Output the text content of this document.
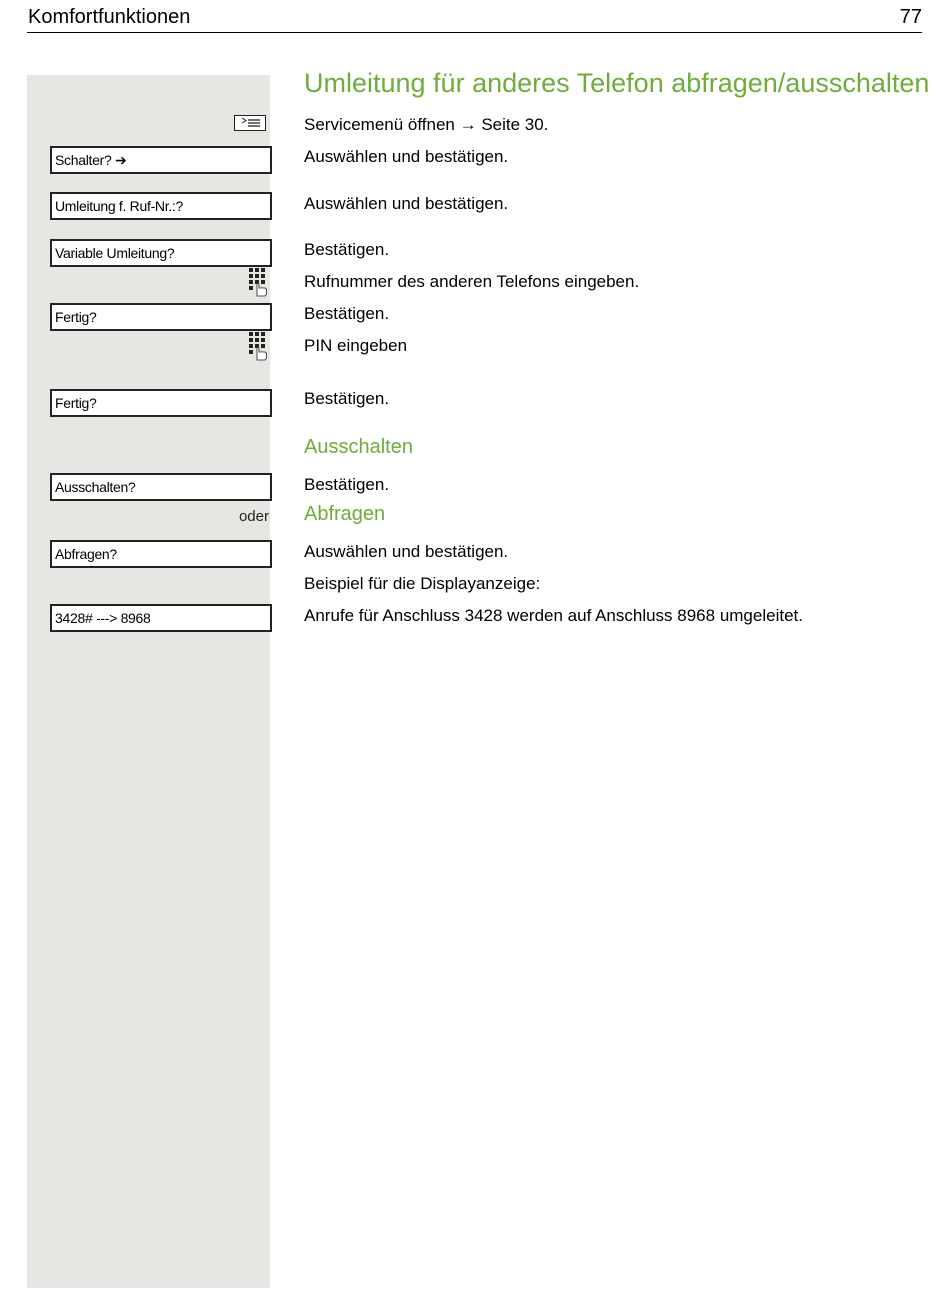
Komfortfunktionen	77
Umleitung für anderes Telefon abfragen/ausschalten
Servicemenü öffnen → Seite 30.
Schalter? ➔	Auswählen und bestätigen.
Umleitung f. Ruf-Nr.:?	Auswählen und bestätigen.
Variable Umleitung?	Bestätigen.
Rufnummer des anderen Telefons eingeben.
Fertig?	Bestätigen.
PIN eingeben
Fertig?	Bestätigen.
Ausschalten
Ausschalten?	Bestätigen.
oder Abfragen
Abfragen?	Auswählen und bestätigen.
Beispiel für die Displayanzeige:
3428# ---> 8968	Anrufe für Anschluss 3428 werden auf Anschluss 8968 umgeleitet.
